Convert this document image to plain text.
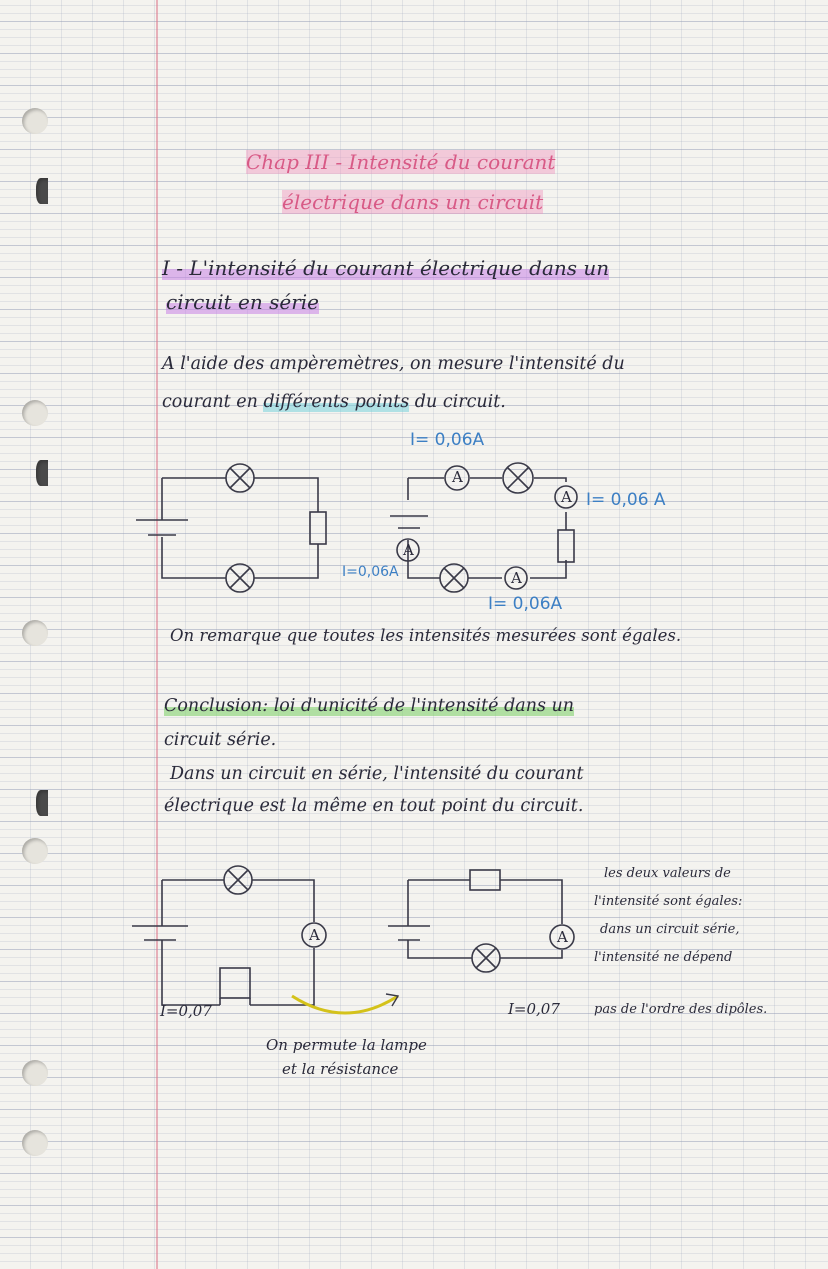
Chap III - Intensité du courant
électrique dans un circuit
I - L'intensité du courant électrique dans un
circuit en série
A l'aide des ampèremètres, on mesure l'intensité du
courant en différents points du circuit.
A
A
A
A
I= 0,06A
I= 0,06 A
I=0,06A
I= 0,06A
On remarque que toutes les intensités mesurées sont égales.
Conclusion: loi d'unicité de l'intensité dans un
circuit série.
Dans un circuit en série, l'intensité du courant
électrique est la même en tout point du circuit.
A	A
I=0,07	I=0,07
On permute la lampe
et la résistance
les deux valeurs de
l'intensité sont égales:
dans un circuit série,
l'intensité ne dépend
pas de l'ordre des dipôles.
